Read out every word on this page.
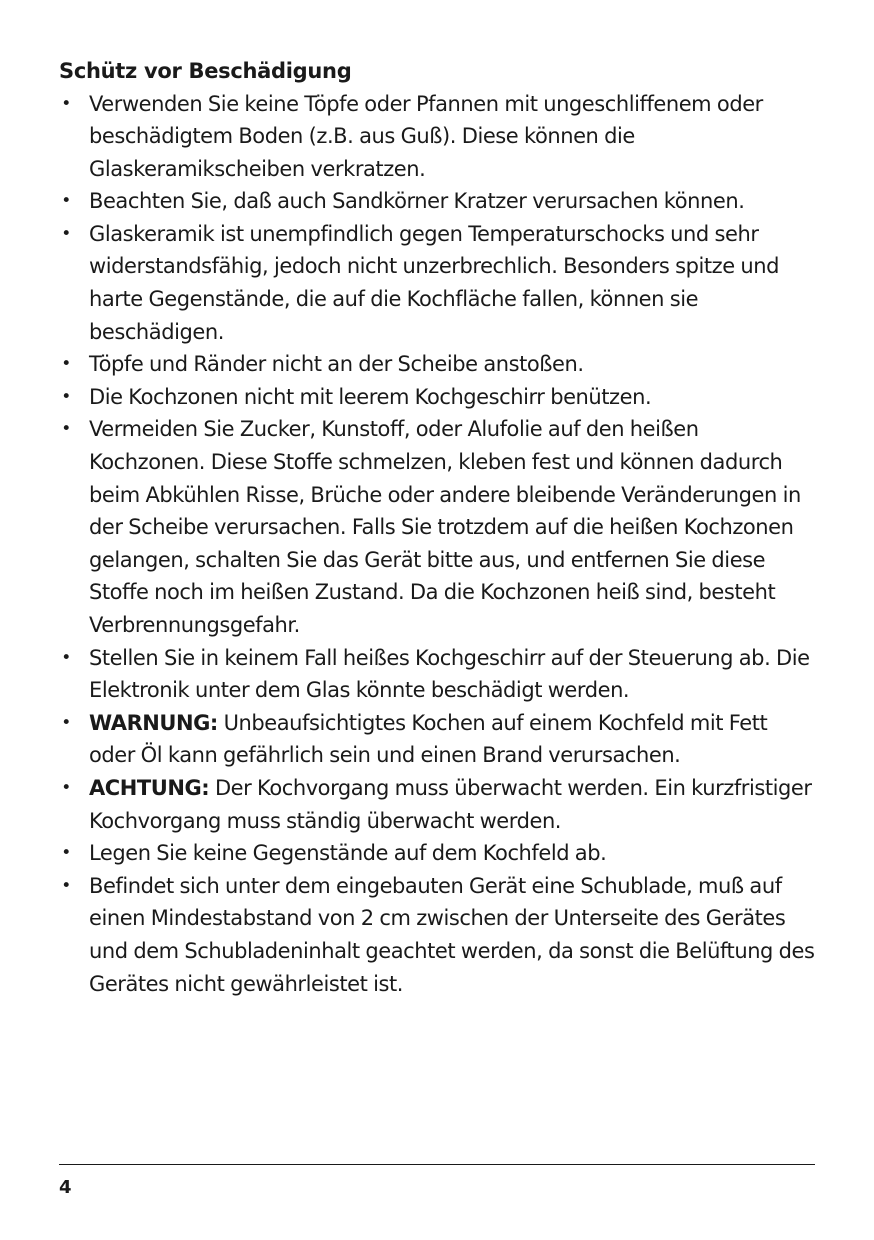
Schütz vor Beschädigung
• Verwenden Sie keine Töpfe oder Pfannen mit ungeschliffenem oder beschädigtem Boden (z.B. aus Guß). Diese können die Glaskeramikscheiben verkratzen.
• Beachten Sie, daß auch Sandkörner Kratzer verursachen können.
• Glaskeramik ist unempfindlich gegen Temperaturschocks und sehr widerstandsfähig, jedoch nicht unzerbrechlich. Besonders spitze und harte Gegenstände, die auf die Kochfläche fallen, können sie beschädigen.
• Töpfe und Ränder nicht an der Scheibe anstoßen.
• Die Kochzonen nicht mit leerem Kochgeschirr benützen.
• Vermeiden Sie Zucker, Kunstoff, oder Alufolie auf den heißen Kochzonen. Diese Stoffe schmelzen, kleben fest und können dadurch beim Abkühlen Risse, Brüche oder andere bleibende Veränderungen in der Scheibe verursachen. Falls Sie trotzdem auf die heißen Kochzonen gelangen, schalten Sie das Gerät bitte aus, und entfernen Sie diese Stoffe noch im heißen Zustand. Da die Kochzonen heiß sind, besteht Verbrennungsgefahr.
• Stellen Sie in keinem Fall heißes Kochgeschirr auf der Steuerung ab. Die Elektronik unter dem Glas könnte beschädigt werden.
• WARNUNG: Unbeaufsichtigtes Kochen auf einem Kochfeld mit Fett oder Öl kann gefährlich sein und einen Brand verursachen.
• ACHTUNG: Der Kochvorgang muss überwacht werden. Ein kurzfristiger Kochvorgang muss ständig überwacht werden.
• Legen Sie keine Gegenstände auf dem Kochfeld ab.
• Befindet sich unter dem eingebauten Gerät eine Schublade, muß auf einen Mindestabstand von 2 cm zwischen der Unterseite des Gerätes und dem Schubladeninhalt geachtet werden, da sonst die Belüftung des Gerätes nicht gewährleistet ist.
4
